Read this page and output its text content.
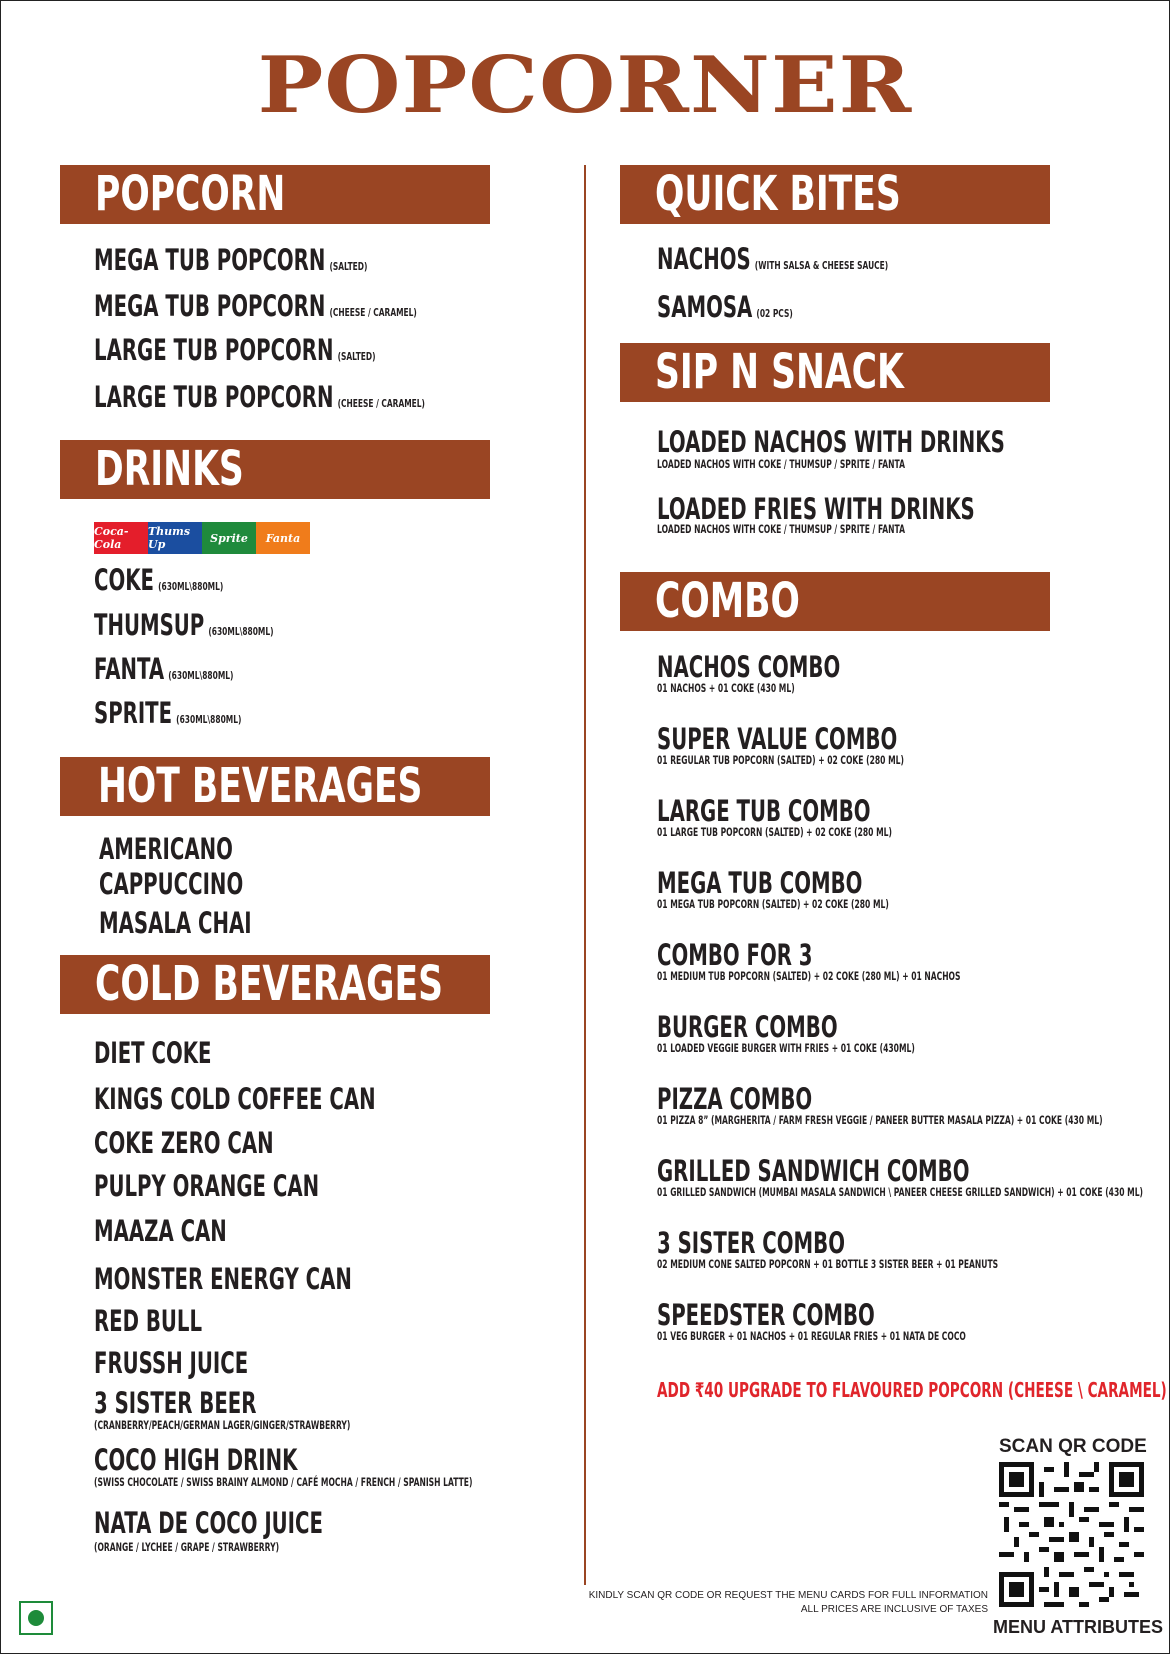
POPCORNER
POPCORN
MEGA TUB POPCORN (SALTED)
MEGA TUB POPCORN (CHEESE / CARAMEL)
LARGE TUB POPCORN (SALTED)
LARGE TUB POPCORN (CHEESE / CARAMEL)
DRINKS
Coca-Cola
Thums Up	Sprite	Fanta
COKE (630ML\880ML)
THUMSUP (630ML\880ML)
FANTA (630ML\880ML)
SPRITE (630ML\880ML)
HOT BEVERAGES
AMERICANO
CAPPUCCINO
MASALA CHAI
COLD BEVERAGES
DIET COKE
KINGS COLD COFFEE CAN
COKE ZERO CAN
PULPY ORANGE CAN
MAAZA CAN
MONSTER ENERGY CAN
RED BULL
FRUSSH JUICE
3 SISTER BEER
(CRANBERRY/PEACH/GERMAN LAGER/GINGER/STRAWBERRY)
COCO HIGH DRINK
(SWISS CHOCOLATE / SWISS BRAINY ALMOND / CAFÉ MOCHA / FRENCH / SPANISH LATTE)
NATA DE COCO JUICE
(ORANGE / LYCHEE / GRAPE / STRAWBERRY)
QUICK BITES
NACHOS (WITH SALSA & CHEESE SAUCE)
SAMOSA (02 PCS)
SIP N SNACK
LOADED NACHOS WITH DRINKS
LOADED NACHOS WITH COKE / THUMSUP / SPRITE / FANTA
LOADED FRIES WITH DRINKS
LOADED NACHOS WITH COKE / THUMSUP / SPRITE / FANTA
COMBO
NACHOS COMBO
01 NACHOS + 01 COKE (430 ML)
SUPER VALUE COMBO
01 REGULAR TUB POPCORN (SALTED) + 02 COKE (280 ML)
LARGE TUB COMBO
01 LARGE TUB POPCORN (SALTED) + 02 COKE (280 ML)
MEGA TUB COMBO
01 MEGA TUB POPCORN (SALTED) + 02 COKE (280 ML)
COMBO FOR 3
01 MEDIUM TUB POPCORN (SALTED) + 02 COKE (280 ML) + 01 NACHOS
BURGER COMBO
01 LOADED VEGGIE BURGER WITH FRIES + 01 COKE (430ML)
PIZZA COMBO
01 PIZZA 8” (MARGHERITA / FARM FRESH VEGGIE / PANEER BUTTER MASALA PIZZA) + 01 COKE (430 ML)
GRILLED SANDWICH COMBO
01 GRILLED SANDWICH (MUMBAI MASALA SANDWICH \ PANEER CHEESE GRILLED SANDWICH) + 01 COKE (430 ML)
3 SISTER COMBO
02 MEDIUM CONE SALTED POPCORN + 01 BOTTLE 3 SISTER BEER + 01 PEANUTS
SPEEDSTER COMBO
01 VEG BURGER + 01 NACHOS + 01 REGULAR FRIES + 01 NATA DE COCO
ADD ₹40 UPGRADE TO FLAVOURED POPCORN (CHEESE \ CARAMEL)
SCAN QR CODE
MENU ATTRIBUTES
KINDLY SCAN QR CODE OR REQUEST THE MENU CARDS FOR FULL INFORMATION
ALL PRICES ARE INCLUSIVE OF TAXES
